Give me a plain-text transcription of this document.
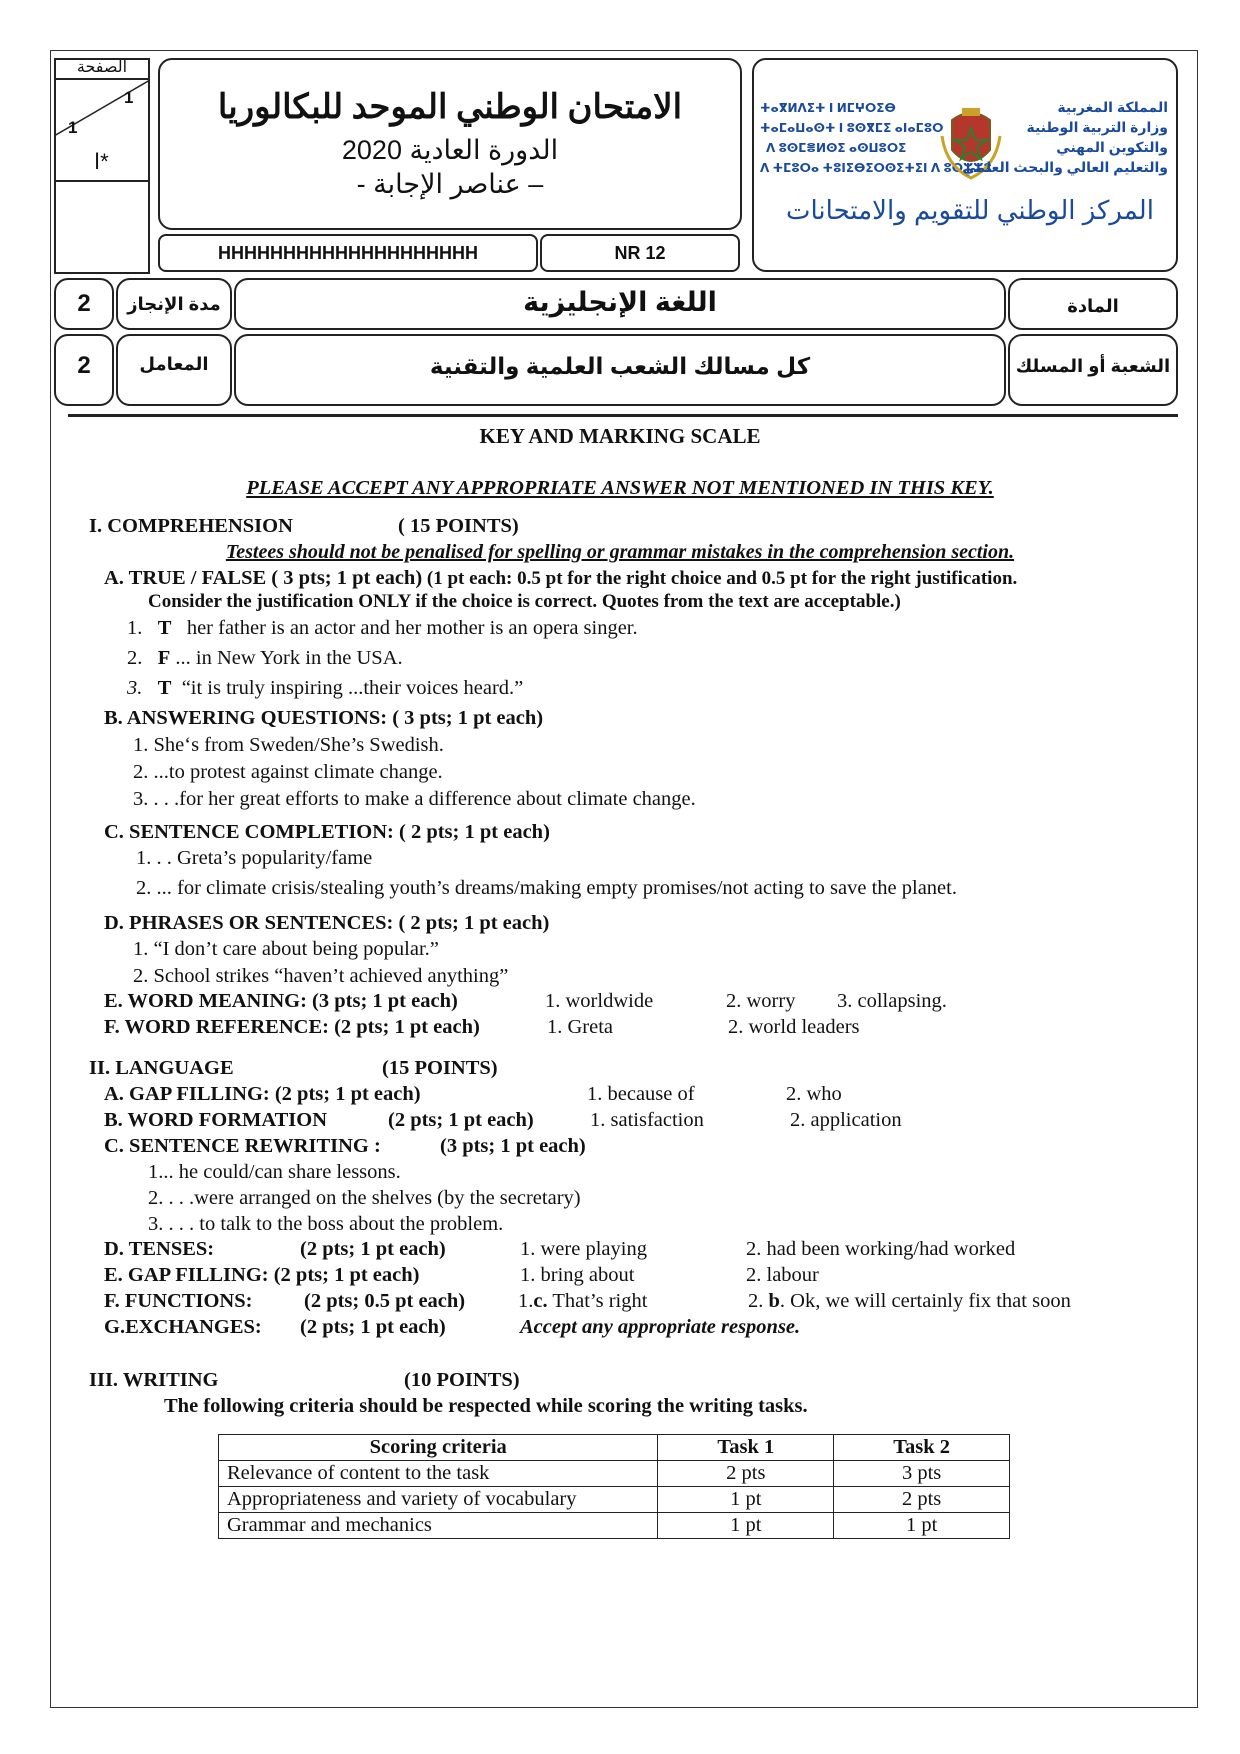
الصفحة
1
1
ا*
الامتحان الوطني الموحد للبكالوريا
الدورة العادية 2020
- عناصر الإجابة –
HHHHHHHHHHHHHHHHHHHH	NR 12
ⵜⴰⴳⵍⴷⵉⵜ ⵏ ⵍⵎⵖⵔⵉⴱ
ⵜⴰⵎⴰⵡⴰⵙⵜ ⵏ ⵓⵙⴳⵎⵉ ⴰⵏⴰⵎⵓⵔ
ⴷ ⵓⵙⵎⴻⵍⵙⵉ ⴰⵙⵡⵓⵔⵉ
ⴷ ⵜⵎⵓⵔⴰ ⵜⵓⵏⵉⴱⵉⵔⵙⵉⵜⵉⵏ ⴷ ⵓⵔⵣⵣⵓ
المملكة المغربية
وزارة التربية الوطنية
والتكوين المهني
والتعليم العالي والبحث العلمي
المركز الوطني للتقويم والامتحانات
2	مدة الإنجاز	اللغة الإنجليزية	المادة
2	المعامل	كل مسالك الشعب العلمية والتقنية	الشعبة أو المسلك
KEY AND MARKING SCALE
PLEASE ACCEPT ANY APPROPRIATE ANSWER NOT MENTIONED IN THIS KEY.
I. COMPREHENSION	( 15 POINTS)
Testees should not be penalised for spelling or grammar mistakes in the comprehension section.
A. TRUE / FALSE ( 3 pts; 1 pt each) (1 pt each: 0.5 pt for the right choice and 0.5 pt for the right justification.
Consider the justification ONLY if the choice is correct. Quotes from the text are acceptable.)
1. T her father is an actor and her mother is an opera singer.
2. F ... in New York in the USA.
3. T “it is truly inspiring ...their voices heard.”
B. ANSWERING QUESTIONS: ( 3 pts; 1 pt each)
1. She‘s from Sweden/She’s Swedish.
2. ...to protest against climate change.
3. . . .for her great efforts to make a difference about climate change.
C. SENTENCE COMPLETION: ( 2 pts; 1 pt each)
1. . . Greta’s popularity/fame
2. ... for climate crisis/stealing youth’s dreams/making empty promises/not acting to save the planet.
D. PHRASES OR SENTENCES: ( 2 pts; 1 pt each)
1. “I don’t care about being popular.”
2. School strikes “haven’t achieved anything”
E. WORD MEANING: (3 pts; 1 pt each)	1. worldwide	2. worry 3. collapsing.
F. WORD REFERENCE: (2 pts; 1 pt each)	1. Greta	2. world leaders
II. LANGUAGE	(15 POINTS)
A. GAP FILLING: (2 pts; 1 pt each)	1. because of	2. who
B. WORD FORMATION	(2 pts; 1 pt each)	1. satisfaction	2. application
C. SENTENCE REWRITING :	(3 pts; 1 pt each)
1... he could/can share lessons.
2. . . .were arranged on the shelves (by the secretary)
3. . . . to talk to the boss about the problem.
D. TENSES:	(2 pts; 1 pt each)	1. were playing	2. had been working/had worked
E. GAP FILLING: (2 pts; 1 pt each)	1. bring about	2. labour
F. FUNCTIONS:	(2 pts; 0.5 pt each)	1.c. That’s right	2. b. Ok, we will certainly fix that soon
G.EXCHANGES: (2 pts; 1 pt each)	Accept any appropriate response.
III. WRITING	(10 POINTS)
The following criteria should be respected while scoring the writing tasks.
Scoring criteria	Task 1	Task 2
Relevance of content to the task	2 pts	3 pts
Appropriateness and variety of vocabulary	1 pt	2 pts
Grammar and mechanics	1 pt	1 pt
